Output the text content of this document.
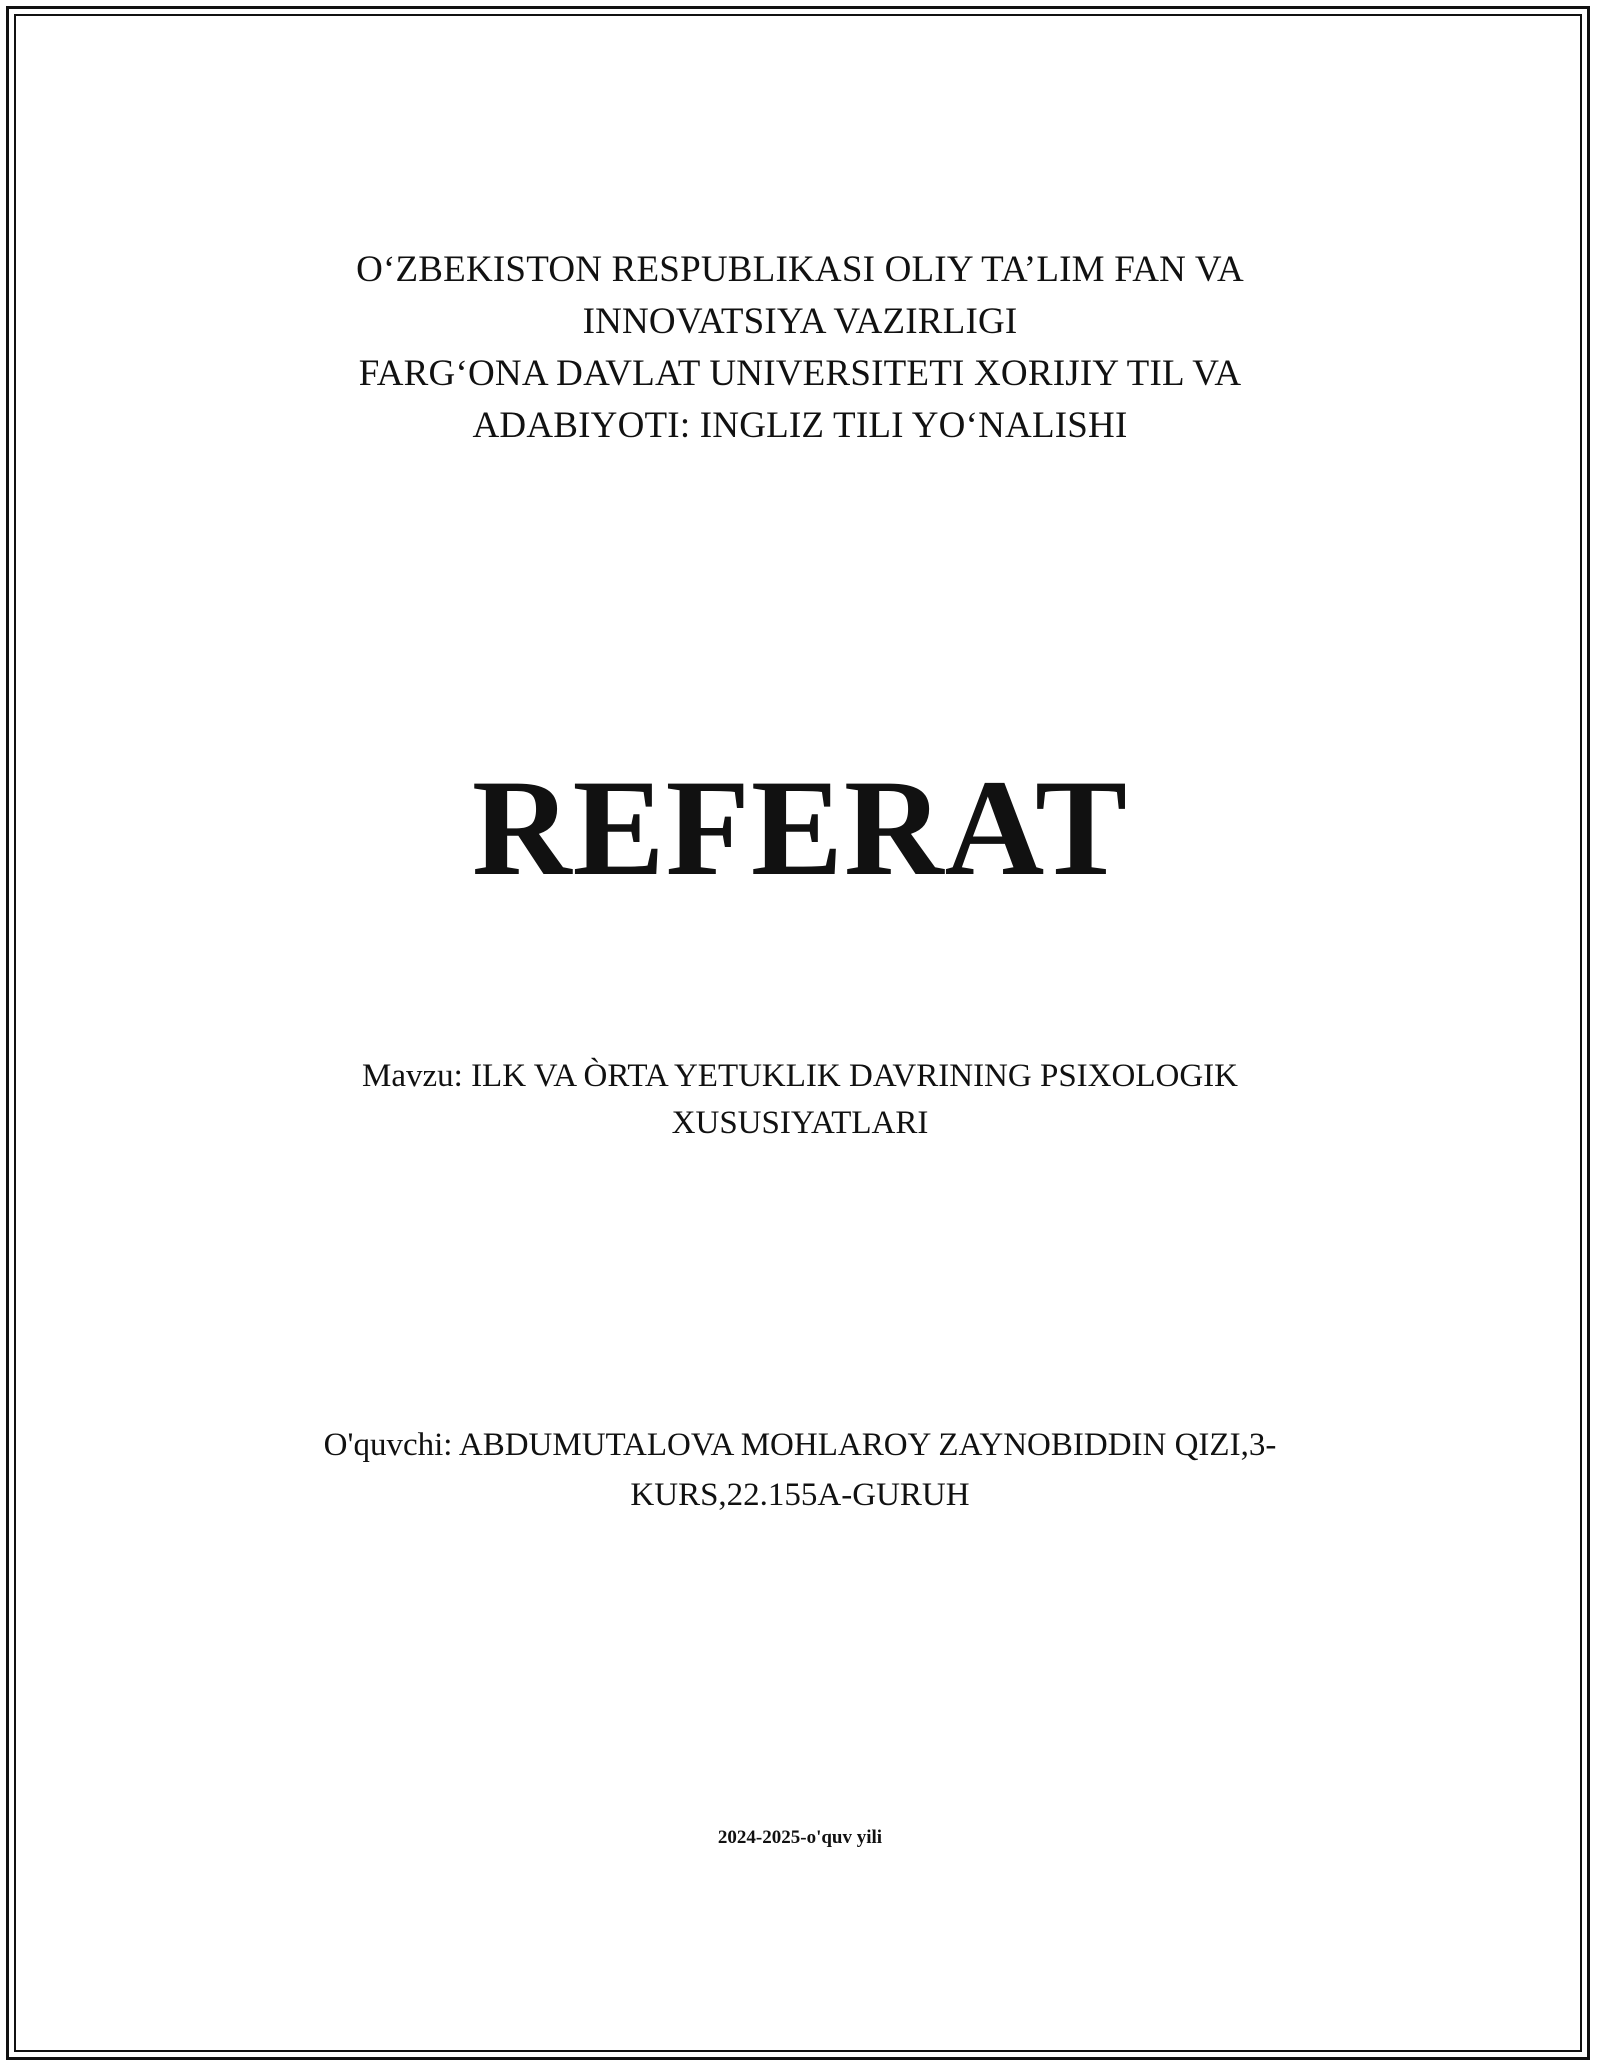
O‘ZBEKISTON RESPUBLIKASI OLIY TA’LIM FAN VA
INNOVATSIYA VAZIRLIGI
FARG‘ONA DAVLAT UNIVERSITETI XORIJIY TIL VA
ADABIYOTI: INGLIZ TILI YO‘NALISHI
REFERAT
Mavzu: ILK VA ÒRTA YETUKLIK DAVRINING PSIXOLOGIK
XUSUSIYATLARI
O'quvchi: ABDUMUTALOVA MOHLAROY ZAYNOBIDDIN QIZI,3-
KURS,22.155A-GURUH
2024-2025-o'quv yili
